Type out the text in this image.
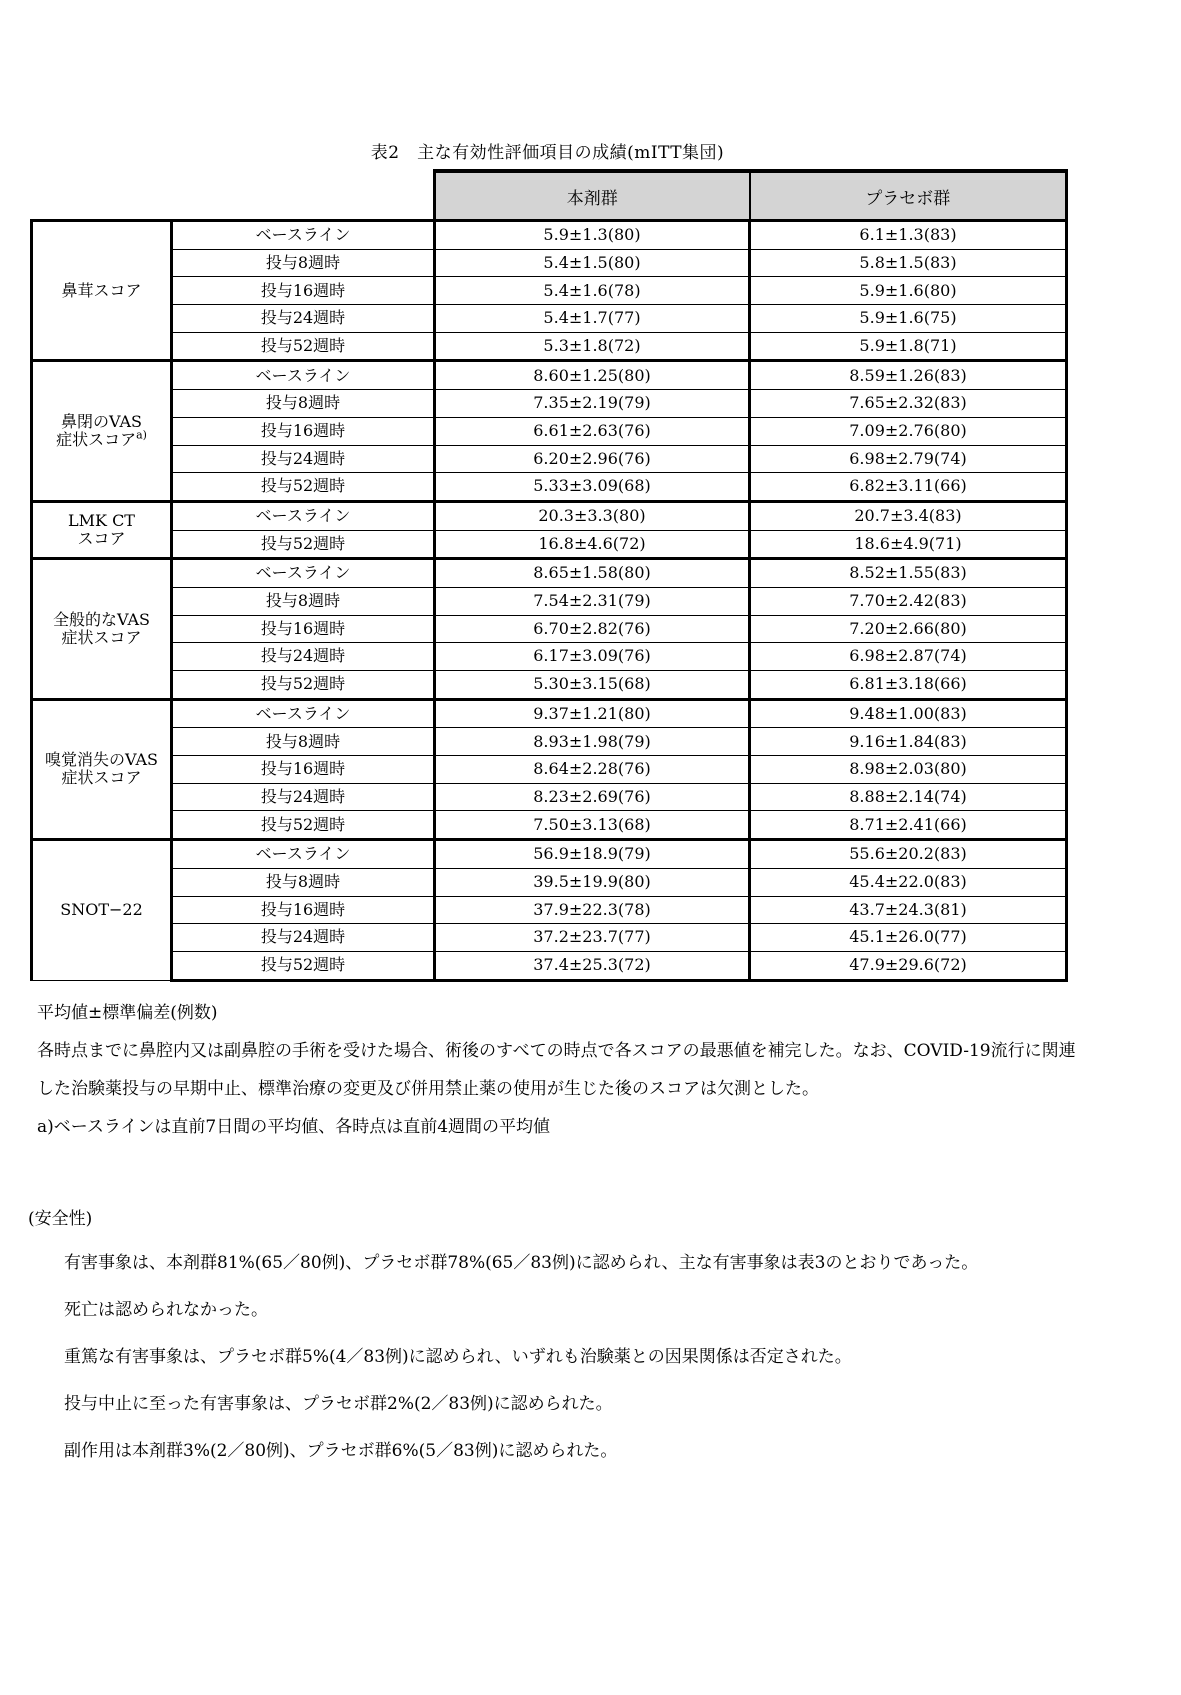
表2　主な有効性評価項目の成績(mITT集団)
		本剤群	プラセボ群
鼻茸スコア	ベースライン	5.9±1.3(80)	6.1±1.3(83)
	投与8週時	5.4±1.5(80)	5.8±1.5(83)
	投与16週時	5.4±1.6(78)	5.9±1.6(80)
	投与24週時	5.4±1.7(77)	5.9±1.6(75)
	投与52週時	5.3±1.8(72)	5.9±1.8(71)
鼻閉のVAS
症状スコア$^{a)}$	ベースライン	8.60±1.25(80)	8.59±1.26(83)
	投与8週時	7.35±2.19(79)	7.65±2.32(83)
	投与16週時	6.61±2.63(76)	7.09±2.76(80)
	投与24週時	6.20±2.96(76)	6.98±2.79(74)
	投与52週時	5.33±3.09(68)	6.82±3.11(66)
LMK CT
スコア	ベースライン	20.3±3.3(80)	20.7±3.4(83)
	投与52週時	16.8±4.6(72)	18.6±4.9(71)
全般的なVAS
症状スコア	ベースライン	8.65±1.58(80)	8.52±1.55(83)
	投与8週時	7.54±2.31(79)	7.70±2.42(83)
	投与16週時	6.70±2.82(76)	7.20±2.66(80)
	投与24週時	6.17±3.09(76)	6.98±2.87(74)
	投与52週時	5.30±3.15(68)	6.81±3.18(66)
嗅覚消失のVAS
症状スコア	ベースライン	9.37±1.21(80)	9.48±1.00(83)
	投与8週時	8.93±1.98(79)	9.16±1.84(83)
	投与16週時	8.64±2.28(76)	8.98±2.03(80)
	投与24週時	8.23±2.69(76)	8.88±2.14(74)
	投与52週時	7.50±3.13(68)	8.71±2.41(66)
SNOT−22	ベースライン	56.9±18.9(79)	55.6±20.2(83)
	投与8週時	39.5±19.9(80)	45.4±22.0(83)
	投与16週時	37.9±22.3(78)	43.7±24.3(81)
	投与24週時	37.2±23.7(77)	45.1±26.0(77)
	投与52週時	37.4±25.3(72)	47.9±29.6(72)
平均値±標準偏差(例数)
各時点までに鼻腔内又は副鼻腔の手術を受けた場合、術後のすべての時点で各スコアの最悪値を補完した。なお、COVID-19流行に関連した治験薬投与の早期中止、標準治療の変更及び併用禁止薬の使用が生じた後のスコアは欠測とした。
a)ベースラインは直前7日間の平均値、各時点は直前4週間の平均値
(安全性)
有害事象は、本剤群81%(65／80例)、プラセボ群78%(65／83例)に認められ、主な有害事象は表3のとおりであった。
死亡は認められなかった。
重篤な有害事象は、プラセボ群5%(4／83例)に認められ、いずれも治験薬との因果関係は否定された。
投与中止に至った有害事象は、プラセボ群2%(2／83例)に認められた。
副作用は本剤群3%(2／80例)、プラセボ群6%(5／83例)に認められた。
